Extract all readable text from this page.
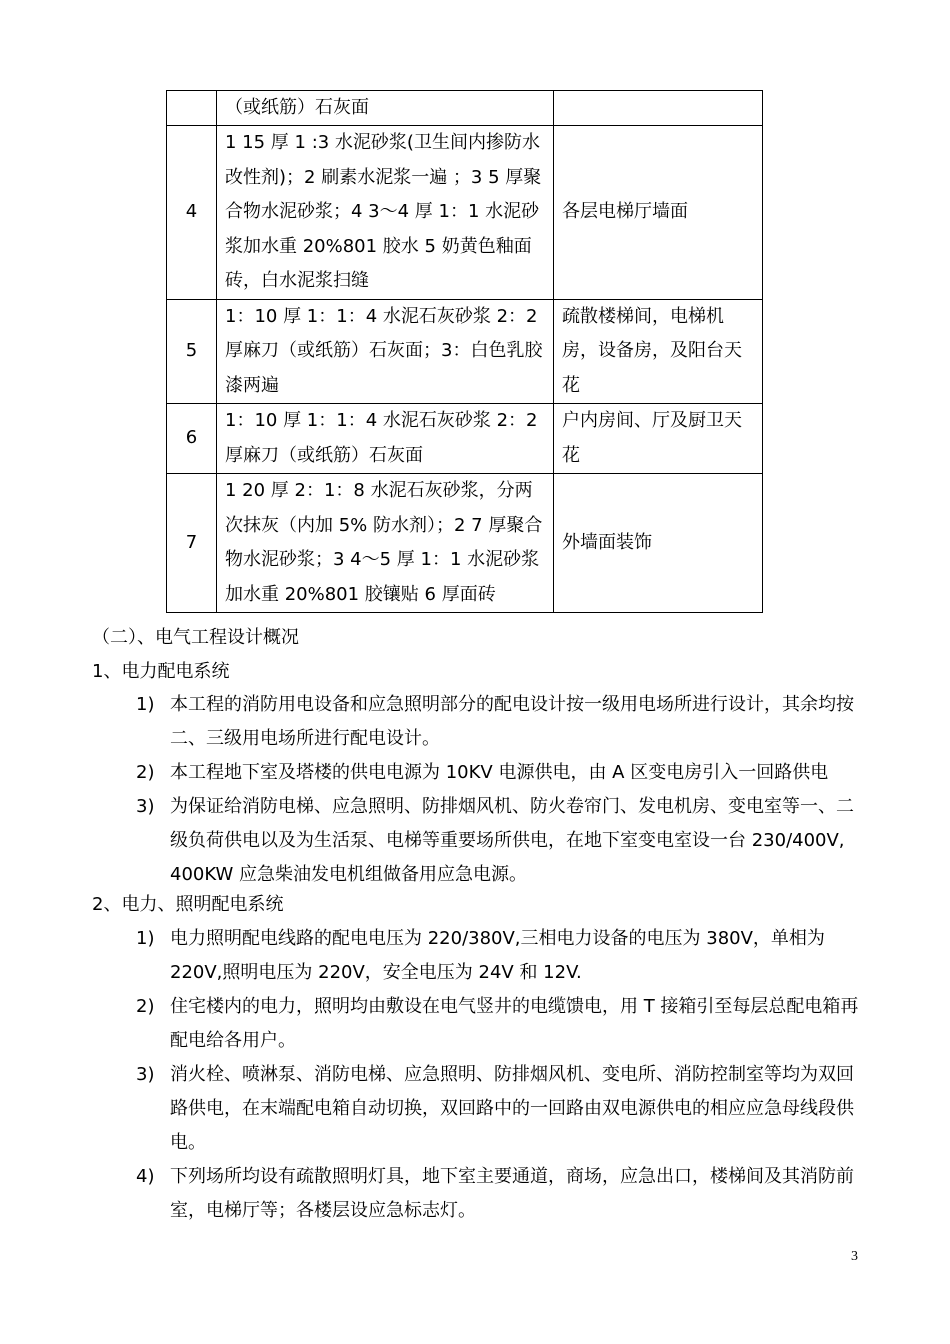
	（或纸筋）石灰面	
4	1 15 厚 1 :3 水泥砂浆(卫生间内掺防水改性剂)；2 刷素水泥浆一遍 ；3 5 厚聚合物水泥砂浆；4 3～4 厚 1：1 水泥砂浆加水重 20%801 胶水 5 奶黄色釉面砖，白水泥浆扫缝	各层电梯厅墙面
5	1：10 厚 1：1：4 水泥石灰砂浆 2：2 厚麻刀（或纸筋）石灰面；3：白色乳胶漆两遍	疏散楼梯间，电梯机房，设备房，及阳台天花
6	1：10 厚 1：1：4 水泥石灰砂浆 2：2 厚麻刀（或纸筋）石灰面	户内房间、厅及厨卫天花
7	1 20 厚 2：1：8 水泥石灰砂浆，分两次抹灰（内加 5% 防水剂）；2 7 厚聚合物水泥砂浆；3 4～5 厚 1：1 水泥砂浆加水重 20%801 胶镶贴 6 厚面砖	外墙面装饰
（二）、电气工程设计概况
1、电力配电系统
1) 本工程的消防用电设备和应急照明部分的配电设计按一级用电场所进行设计，其余均按二、三级用电场所进行配电设计。
2) 本工程地下室及塔楼的供电电源为 10KV 电源供电，由 A 区变电房引入一回路供电
3) 为保证给消防电梯、应急照明、防排烟风机、防火卷帘门、发电机房、变电室等一、二级负荷供电以及为生活泵、电梯等重要场所供电，在地下室变电室设一台 230/400V, 400KW 应急柴油发电机组做备用应急电源。
2、电力、照明配电系统
1) 电力照明配电线路的配电电压为 220/380V,三相电力设备的电压为 380V，单相为 220V,照明电压为 220V，安全电压为 24V 和 12V.
2) 住宅楼内的电力，照明均由敷设在电气竖井的电缆馈电，用 T 接箱引至每层总配电箱再配电给各用户。
3) 消火栓、喷淋泵、消防电梯、应急照明、防排烟风机、变电所、消防控制室等均为双回路供电，在末端配电箱自动切换，双回路中的一回路由双电源供电的相应应急母线段供电。
4) 下列场所均设有疏散照明灯具，地下室主要通道，商场，应急出口，楼梯间及其消防前室，电梯厅等；各楼层设应急标志灯。
3
